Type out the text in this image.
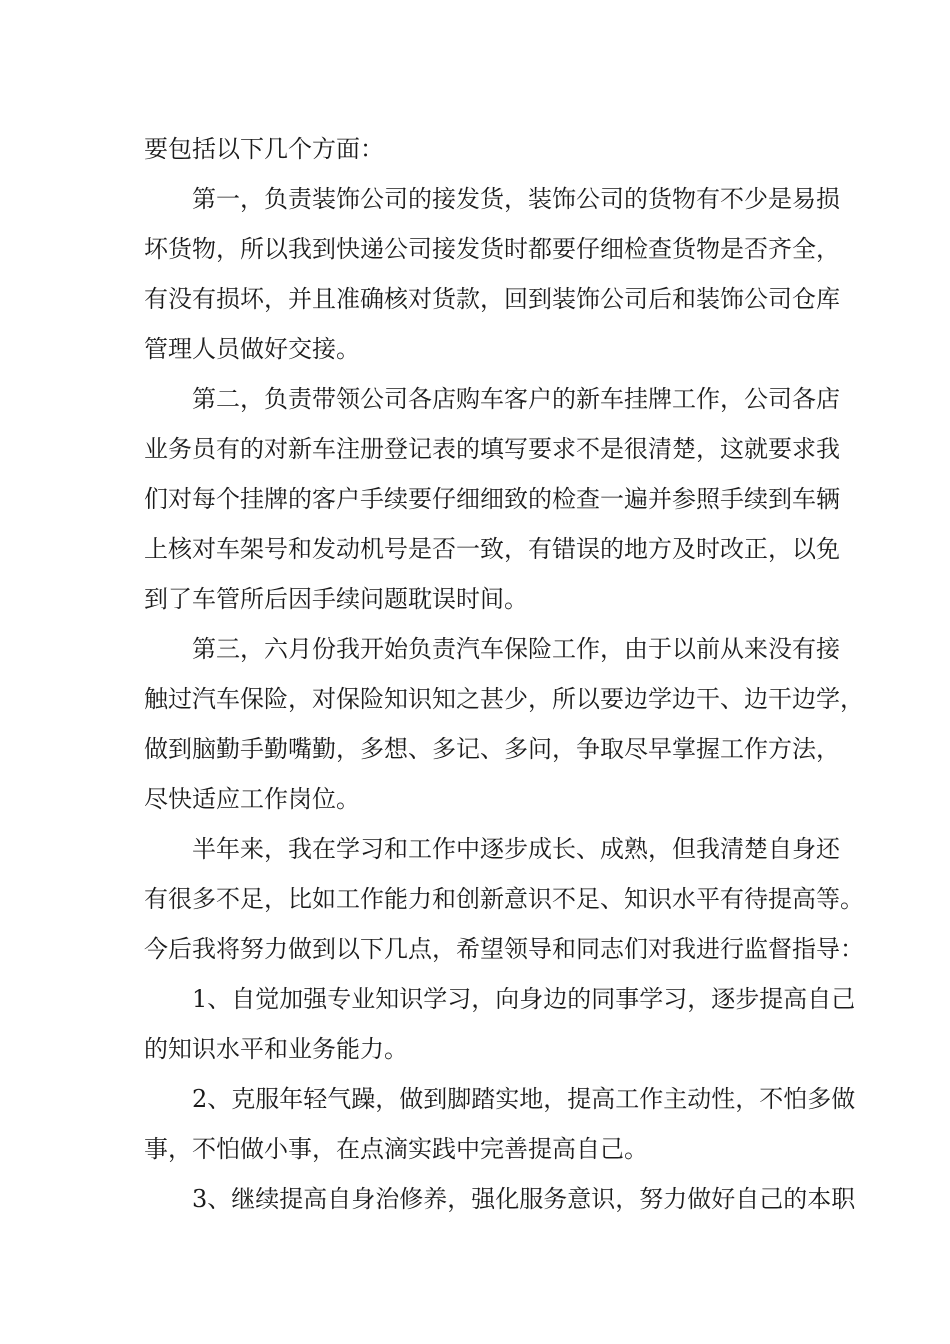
要包括以下几个方面：

第一，负责装饰公司的接发货，装饰公司的货物有不少是易损

坏货物，所以我到快递公司接发货时都要仔细检查货物是否齐全，

有没有损坏，并且准确核对货款，回到装饰公司后和装饰公司仓库

管理人员做好交接。

第二，负责带领公司各店购车客户的新车挂牌工作，公司各店

业务员有的对新车注册登记表的填写要求不是很清楚，这就要求我

们对每个挂牌的客户手续要仔细细致的检查一遍并参照手续到车辆

上核对车架号和发动机号是否一致，有错误的地方及时改正，以免

到了车管所后因手续问题耽误时间。

第三，六月份我开始负责汽车保险工作，由于以前从来没有接

触过汽车保险，对保险知识知之甚少，所以要边学边干、边干边学，

做到脑勤手勤嘴勤，多想、多记、多问，争取尽早掌握工作方法，

尽快适应工作岗位。

半年来，我在学习和工作中逐步成长、成熟，但我清楚自身还

有很多不足，比如工作能力和创新意识不足、知识水平有待提高等。

今后我将努力做到以下几点，希望领导和同志们对我进行监督指导：

1、自觉加强专业知识学习，向身边的同事学习，逐步提高自己

的知识水平和业务能力。

2、克服年轻气躁，做到脚踏实地，提高工作主动性，不怕多做

事，不怕做小事，在点滴实践中完善提高自己。

3、继续提高自身治修养，强化服务意识，努力做好自己的本职
